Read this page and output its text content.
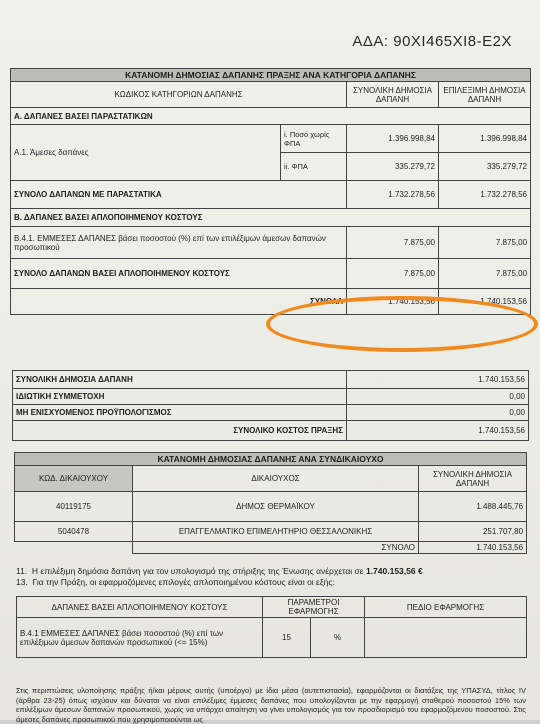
ΑΔΑ: 90ΧΙ465ΧΙ8-Ε2Χ
ΚΑΤΑΝΟΜΗ ΔΗΜΟΣΙΑΣ ΔΑΠΑΝΗΣ ΠΡΑΞΗΣ ΑΝΑ ΚΑΤΗΓΟΡΙΑ ΔΑΠΑΝΗΣ			
ΚΩΔΙΚΟΣ ΚΑΤΗΓΟΡΙΩΝ ΔΑΠΑΝΗΣ		ΣΥΝΟΛΙΚΗ ΔΗΜΟΣΙΑ ΔΑΠΑΝΗ	ΕΠΙΛΕΞΙΜΗ ΔΗΜΟΣΙΑ ΔΑΠΑΝΗ
Α. ΔΑΠΑΝΕΣ ΒΑΣΕΙ ΠΑΡΑΣΤΑΤΙΚΩΝ			
Α.1. Άμεσες δαπάνες	i. Ποσό χωρίς ΦΠΑ	1.396.998,84	1.396.998,84
	ii. ΦΠΑ	335.279,72	335.279,72
ΣΥΝΟΛΟ ΔΑΠΑΝΩΝ ΜΕ ΠΑΡΑΣΤΑΤΙΚΑ		1.732.278,56	1.732.278,56
Β. ΔΑΠΑΝΕΣ ΒΑΣΕΙ ΑΠΛΟΠΟΙΗΜΕΝΟΥ ΚΟΣΤΟΥΣ			
Β.4.1. ΕΜΜΕΣΕΣ ΔΑΠΑΝΕΣ βάσει ποσοστού (%) επί των επιλέξιμων άμεσων δαπανών προσωπικού		7.875,00	7.875,00
ΣΥΝΟΛΟ ΔΑΠΑΝΩΝ ΒΑΣΕΙ ΑΠΛΟΠΟΙΗΜΕΝΟΥ ΚΟΣΤΟΥΣ		7.875,00	7.875,00
ΣΥΝΟΛΑ		1.740.153,56	1.740.153,56
ΣΥΝΟΛΙΚΗ ΔΗΜΟΣΙΑ ΔΑΠΑΝΗ	1.740.153,56
ΙΔΙΩΤΙΚΗ ΣΥΜΜΕΤΟΧΗ	0,00
ΜΗ ΕΝΙΣΧΥΟΜΕΝΟΣ ΠΡΟΫΠΟΛΟΓΙΣΜΟΣ	0,00
ΣΥΝΟΛΙΚΟ ΚΟΣΤΟΣ ΠΡΑΞΗΣ	1.740.153,56
ΚΑΤΑΝΟΜΗ ΔΗΜΟΣΙΑΣ ΔΑΠΑΝΗΣ ΑΝΑ ΣΥΝΔΙΚΑΙΟΥΧΟ		
ΚΩΔ. ΔΙΚΑΙΟΥΧΟΥ	ΔΙΚΑΙΟΥΧΟΣ	ΣΥΝΟΛΙΚΗ ΔΗΜΟΣΙΑ ΔΑΠΑΝΗ
40119175	ΔΗΜΟΣ ΘΕΡΜΑΪΚΟΥ	1.488.445,76
5040478	ΕΠΑΓΓΕΛΜΑΤΙΚΟ ΕΠΙΜΕΛΗΤΗΡΙΟ ΘΕΣΣΑΛΟΝΙΚΗΣ	251.707,80
	ΣΥΝΟΛΟ	1.740.153,56
11. Η επιλέξιμη δημόσια δαπάνη για τον υπολογισμό της στήριξης της Ένωσης ανέρχεται σε 1.740.153,56 €
13. Για την Πράξη, οι εφαρμοζόμενες επιλογές απλοποιημένου κόστους είναι οι εξής:
ΔΑΠΑΝΕΣ ΒΑΣΕΙ ΑΠΛΟΠΟΙΗΜΕΝΟΥ ΚΟΣΤΟΥΣ	ΠΑΡΑΜΕΤΡΟΙ ΕΦΑΡΜΟΓΗΣ		ΠΕΔΙΟ ΕΦΑΡΜΟΓΗΣ
Β.4.1 ΕΜΜΕΣΕΣ ΔΑΠΑΝΕΣ βάσει ποσοστού (%) επί των επιλέξιμων άμεσων δαπανών προσωπικού (<= 15%)	15	%	
Στις περιπτώσεις υλοποίησης πράξης ή/και μέρους αυτής (υποέργο) με ίδια μέσα (αυτεπιστασία), εφαρμόζονται οι διατάξεις της ΥΠΑΣΥΔ, τίτλος IV (άρθρα 23-25) όπως ισχύουν και δύναται να είναι επιλέξιμες έμμεσες δαπάνες που υπολογίζονται με την εφαρμογή σταθερού ποσοστού 15% των επιλέξιμων άμεσων δαπανών προσωπικού, χωρίς να υπάρχει απαίτηση να γίνει υπολογισμός για τον προσδιορισμό του εφαρμοζόμενου ποσοστού. Στις άμεσες δαπάνες προσωπικού που χρησιμοποιούνται ως
